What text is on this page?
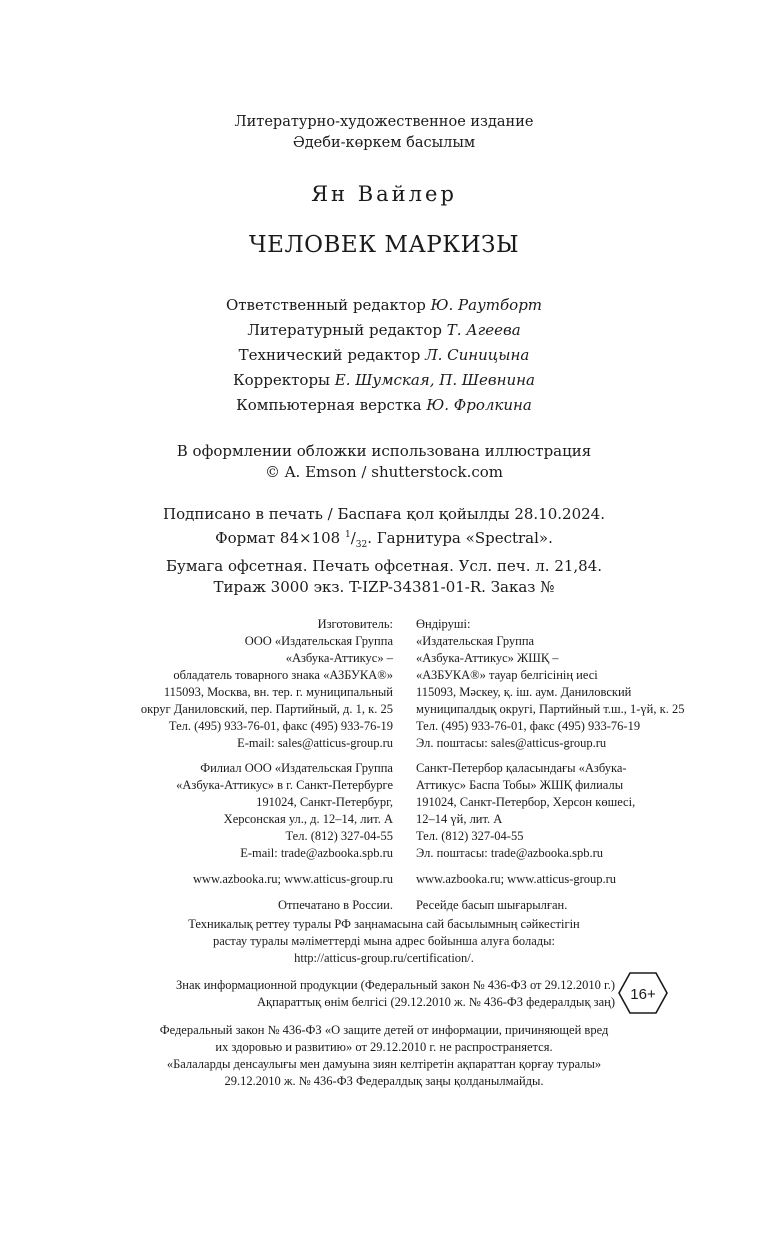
Литературно-художественное издание
Әдеби-көркем басылым
Ян Вайлер
ЧЕЛОВЕК МАРКИЗЫ
Ответственный редактор Ю. Раутборт
Литературный редактор Т. Агеева
Технический редактор Л. Синицына
Корректоры Е. Шумская, П. Шевнина
Компьютерная верстка Ю. Фролкина
В оформлении обложки использована иллюстрация
© A. Emson / shutterstock.com
Подписано в печать / Баспаға қол қойылды 28.10.2024.
Формат 84×108 $^1/_{32}$. Гарнитура «Spectral».
Бумага офсетная. Печать офсетная. Усл. печ. л. 21,84.
Тираж 3000 экз. T-IZP-34381-01-R. Заказ №
Изготовитель:
ООО «Издательская Группа
«Азбука-Аттикус» –
обладатель товарного знака «АЗБУКА®»
115093, Москва, вн. тер. г. муниципальный
округ Даниловский, пер. Партийный, д. 1, к. 25
Тел. (495) 933-76-01, факс (495) 933-76-19
E-mail: sales@atticus-group.ru
Филиал ООО «Издательская Группа
«Азбука-Аттикус» в г. Санкт-Петербурге
191024, Санкт-Петербург,
Херсонская ул., д. 12–14, лит. А
Тел. (812) 327-04-55
E-mail: trade@azbooka.spb.ru
www.azbooka.ru; www.atticus-group.ru
Отпечатано в России.
Өндіруші:
«Издательская Группа
«Азбука-Аттикус» ЖШҚ –
«АЗБУКА®» тауар белгісінің иесі
115093, Мәскеу, қ. іш. аум. Даниловский
муниципалдық округі, Партийный т.ш., 1-үй, к. 25
Тел. (495) 933-76-01, факс (495) 933-76-19
Эл. поштасы: sales@atticus-group.ru
Санкт-Петербор қаласындағы «Азбука-
Аттикус» Баспа Тобы» ЖШҚ филиалы
191024, Санкт-Петербор, Херсон көшесі,
12–14 үй, лит. А
Тел. (812) 327-04-55
Эл. поштасы: trade@azbooka.spb.ru
www.azbooka.ru; www.atticus-group.ru
Ресейде басып шығарылған.
Техникалық реттеу туралы РФ заңнамасына сай басылымның сәйкестігін
растау туралы мәліметтерді мына адрес бойынша алуға болады:
http://atticus-group.ru/certification/.
Знак информационной продукции (Федеральный закон № 436-ФЗ от 29.12.2010 г.)
Ақпараттық өнім белгісі (29.12.2010 ж. № 436-ФЗ федералдық заң) 16+
Федеральный закон № 436-ФЗ «О защите детей от информации, причиняющей вред
их здоровью и развитию» от 29.12.2010 г. не распространяется.
«Балаларды денсаулығы мен дамуына зиян келтіретін ақпараттан қорғау туралы»
29.12.2010 ж. № 436-ФЗ Федералдық заңы қолданылмайды.
